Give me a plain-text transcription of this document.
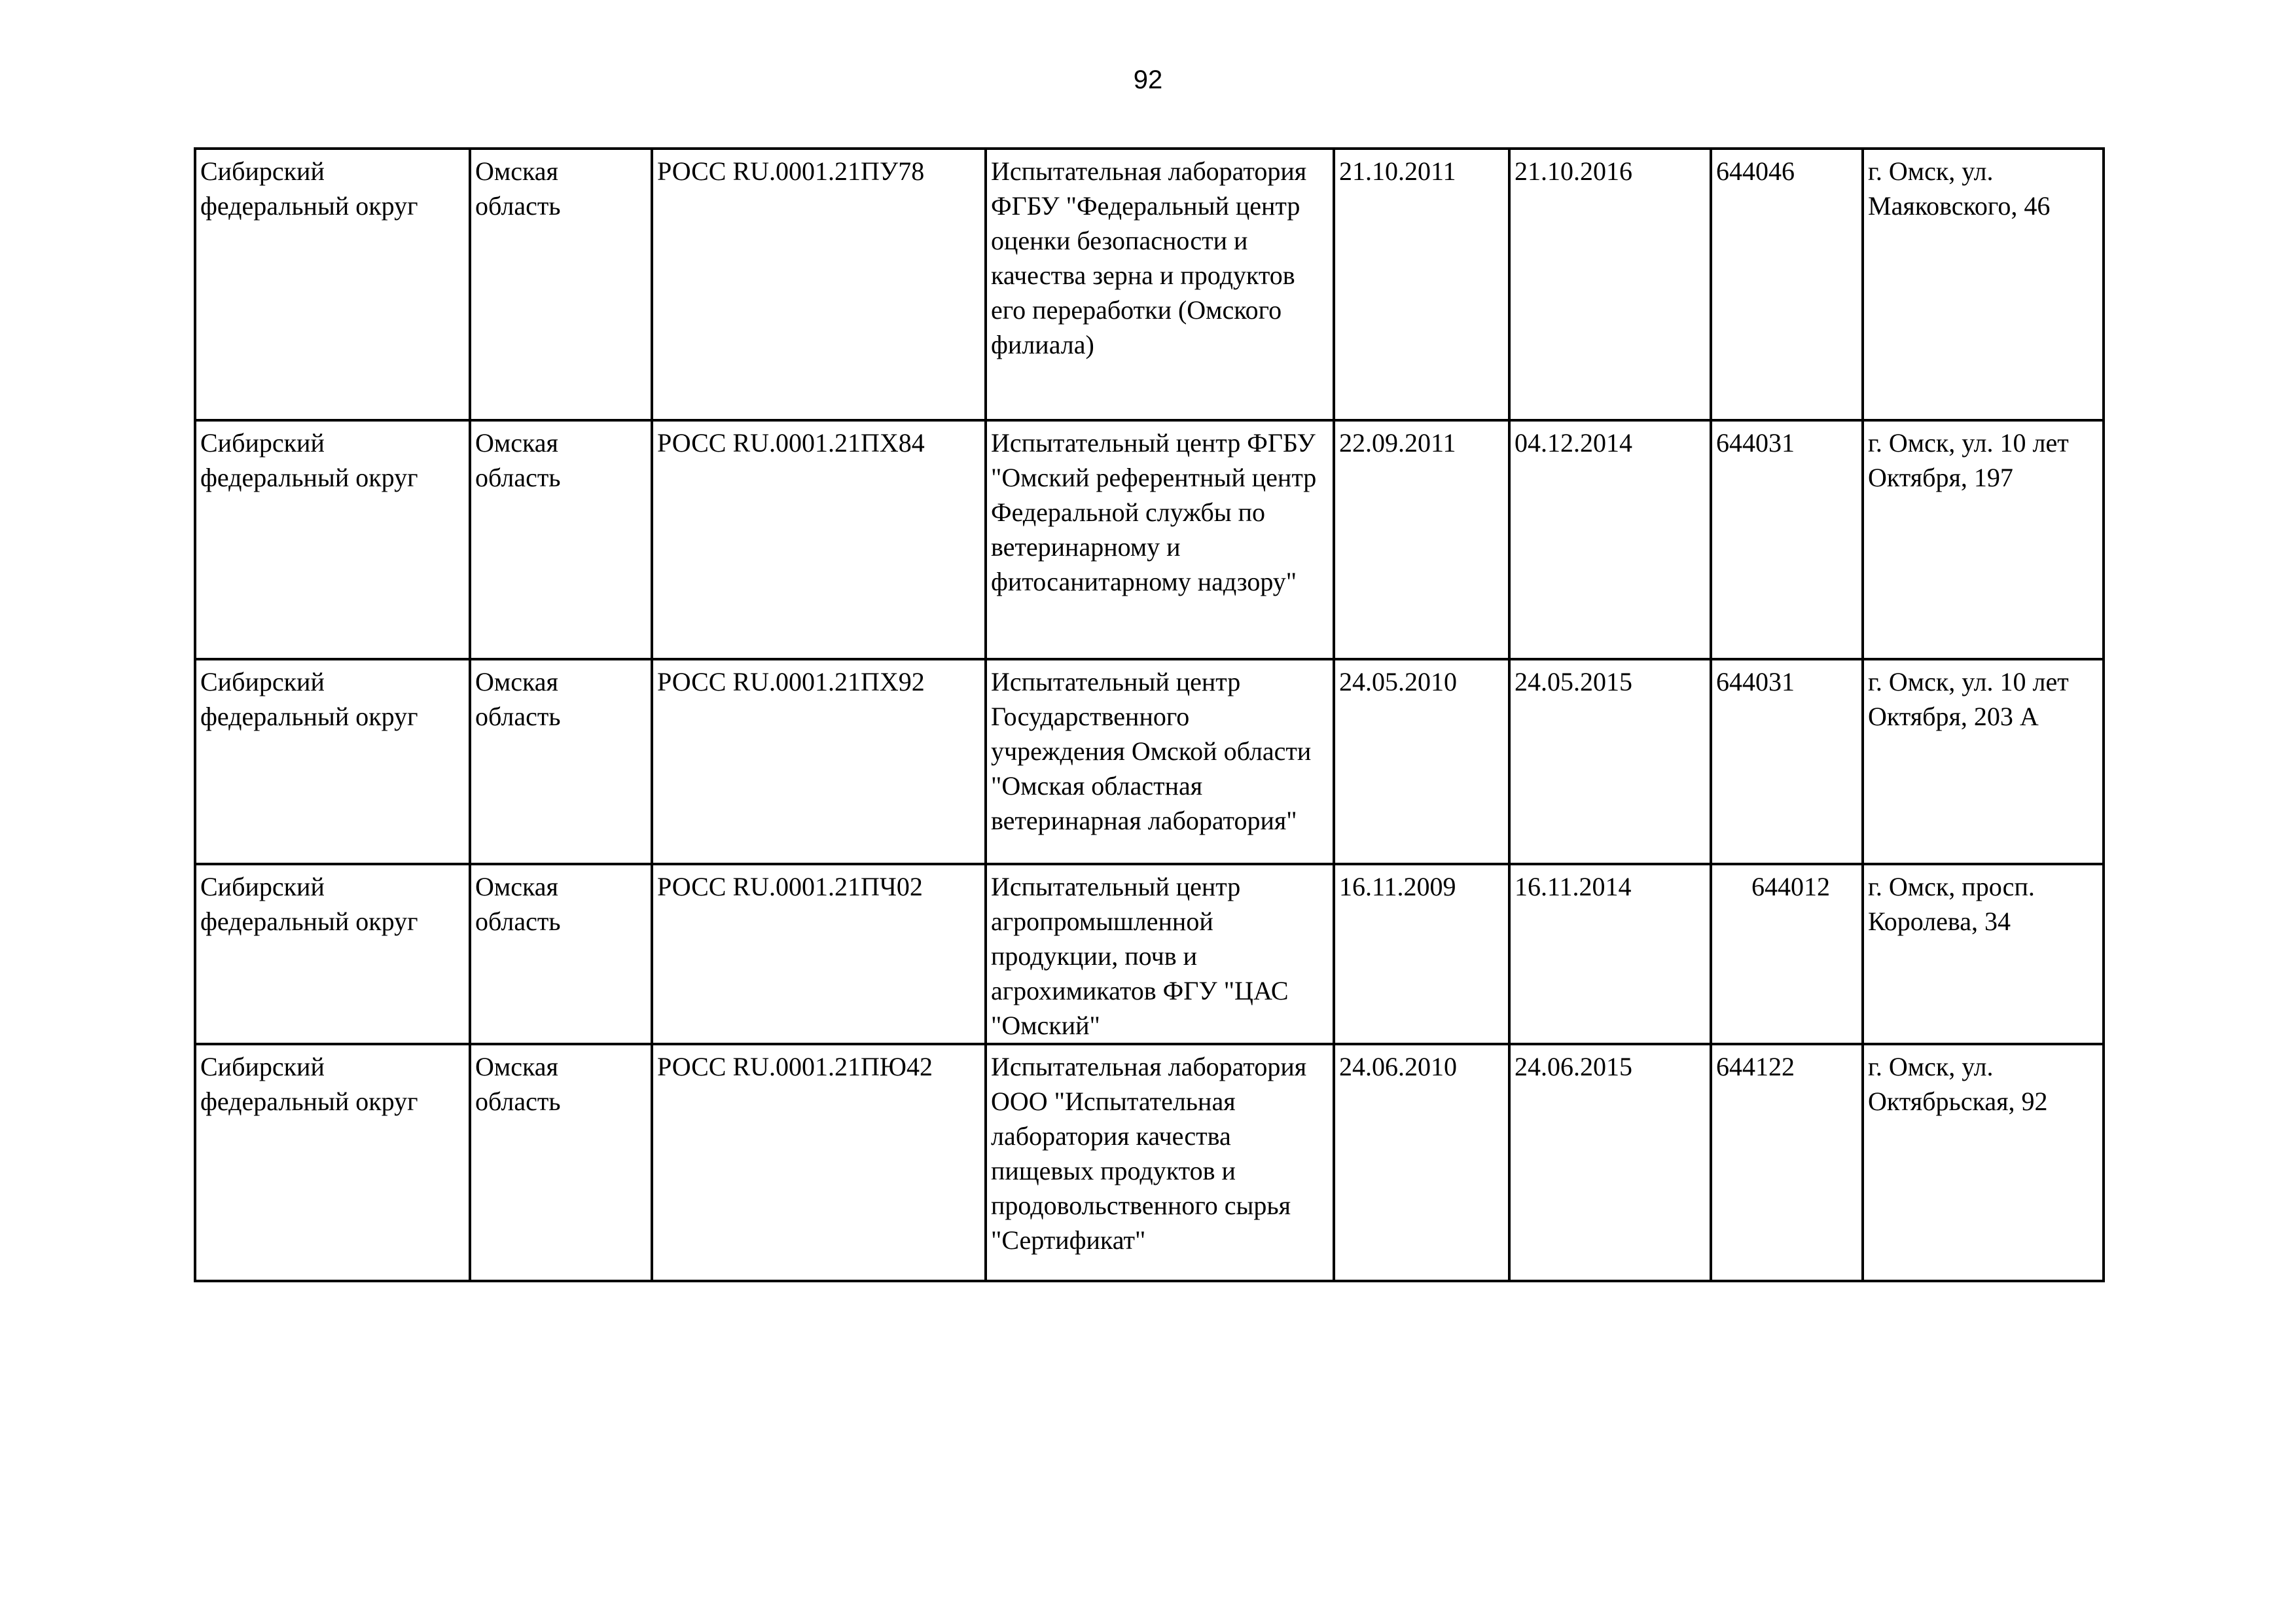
92
Сибирский федеральный округ	Омская область	РОСС RU.0001.21ПУ78	Испытательная лаборатория ФГБУ "Федеральный центр оценки безопасности и качества зерна и продуктов его переработки (Омского филиала)	21.10.2011	21.10.2016	644046	г. Омск, ул. Маяковского, 46
Сибирский федеральный округ	Омская область	РОСС RU.0001.21ПХ84	Испытательный центр ФГБУ "Омский референтный центр Федеральной службы по ветеринарному и фитосанитарному надзору"	22.09.2011	04.12.2014	644031	г. Омск, ул. 10 лет Октября, 197
Сибирский федеральный округ	Омская область	РОСС RU.0001.21ПХ92	Испытательный центр Государственного учреждения Омской области "Омская областная ветеринарная лаборатория"	24.05.2010	24.05.2015	644031	г. Омск, ул. 10 лет Октября, 203 А
Сибирский федеральный округ	Омская область	РОСС RU.0001.21ПЧ02	Испытательный центр агропромышленной продукции, почв и агрохимикатов ФГУ "ЦАС "Омский"	16.11.2009	16.11.2014	644012	г. Омск, просп. Королева, 34
Сибирский федеральный округ	Омская область	РОСС RU.0001.21ПЮ42	Испытательная лаборатория ООО "Испытательная лаборатория качества пищевых продуктов и продовольственного сырья "Сертификат"	24.06.2010	24.06.2015	644122	г. Омск, ул. Октябрьская, 92
